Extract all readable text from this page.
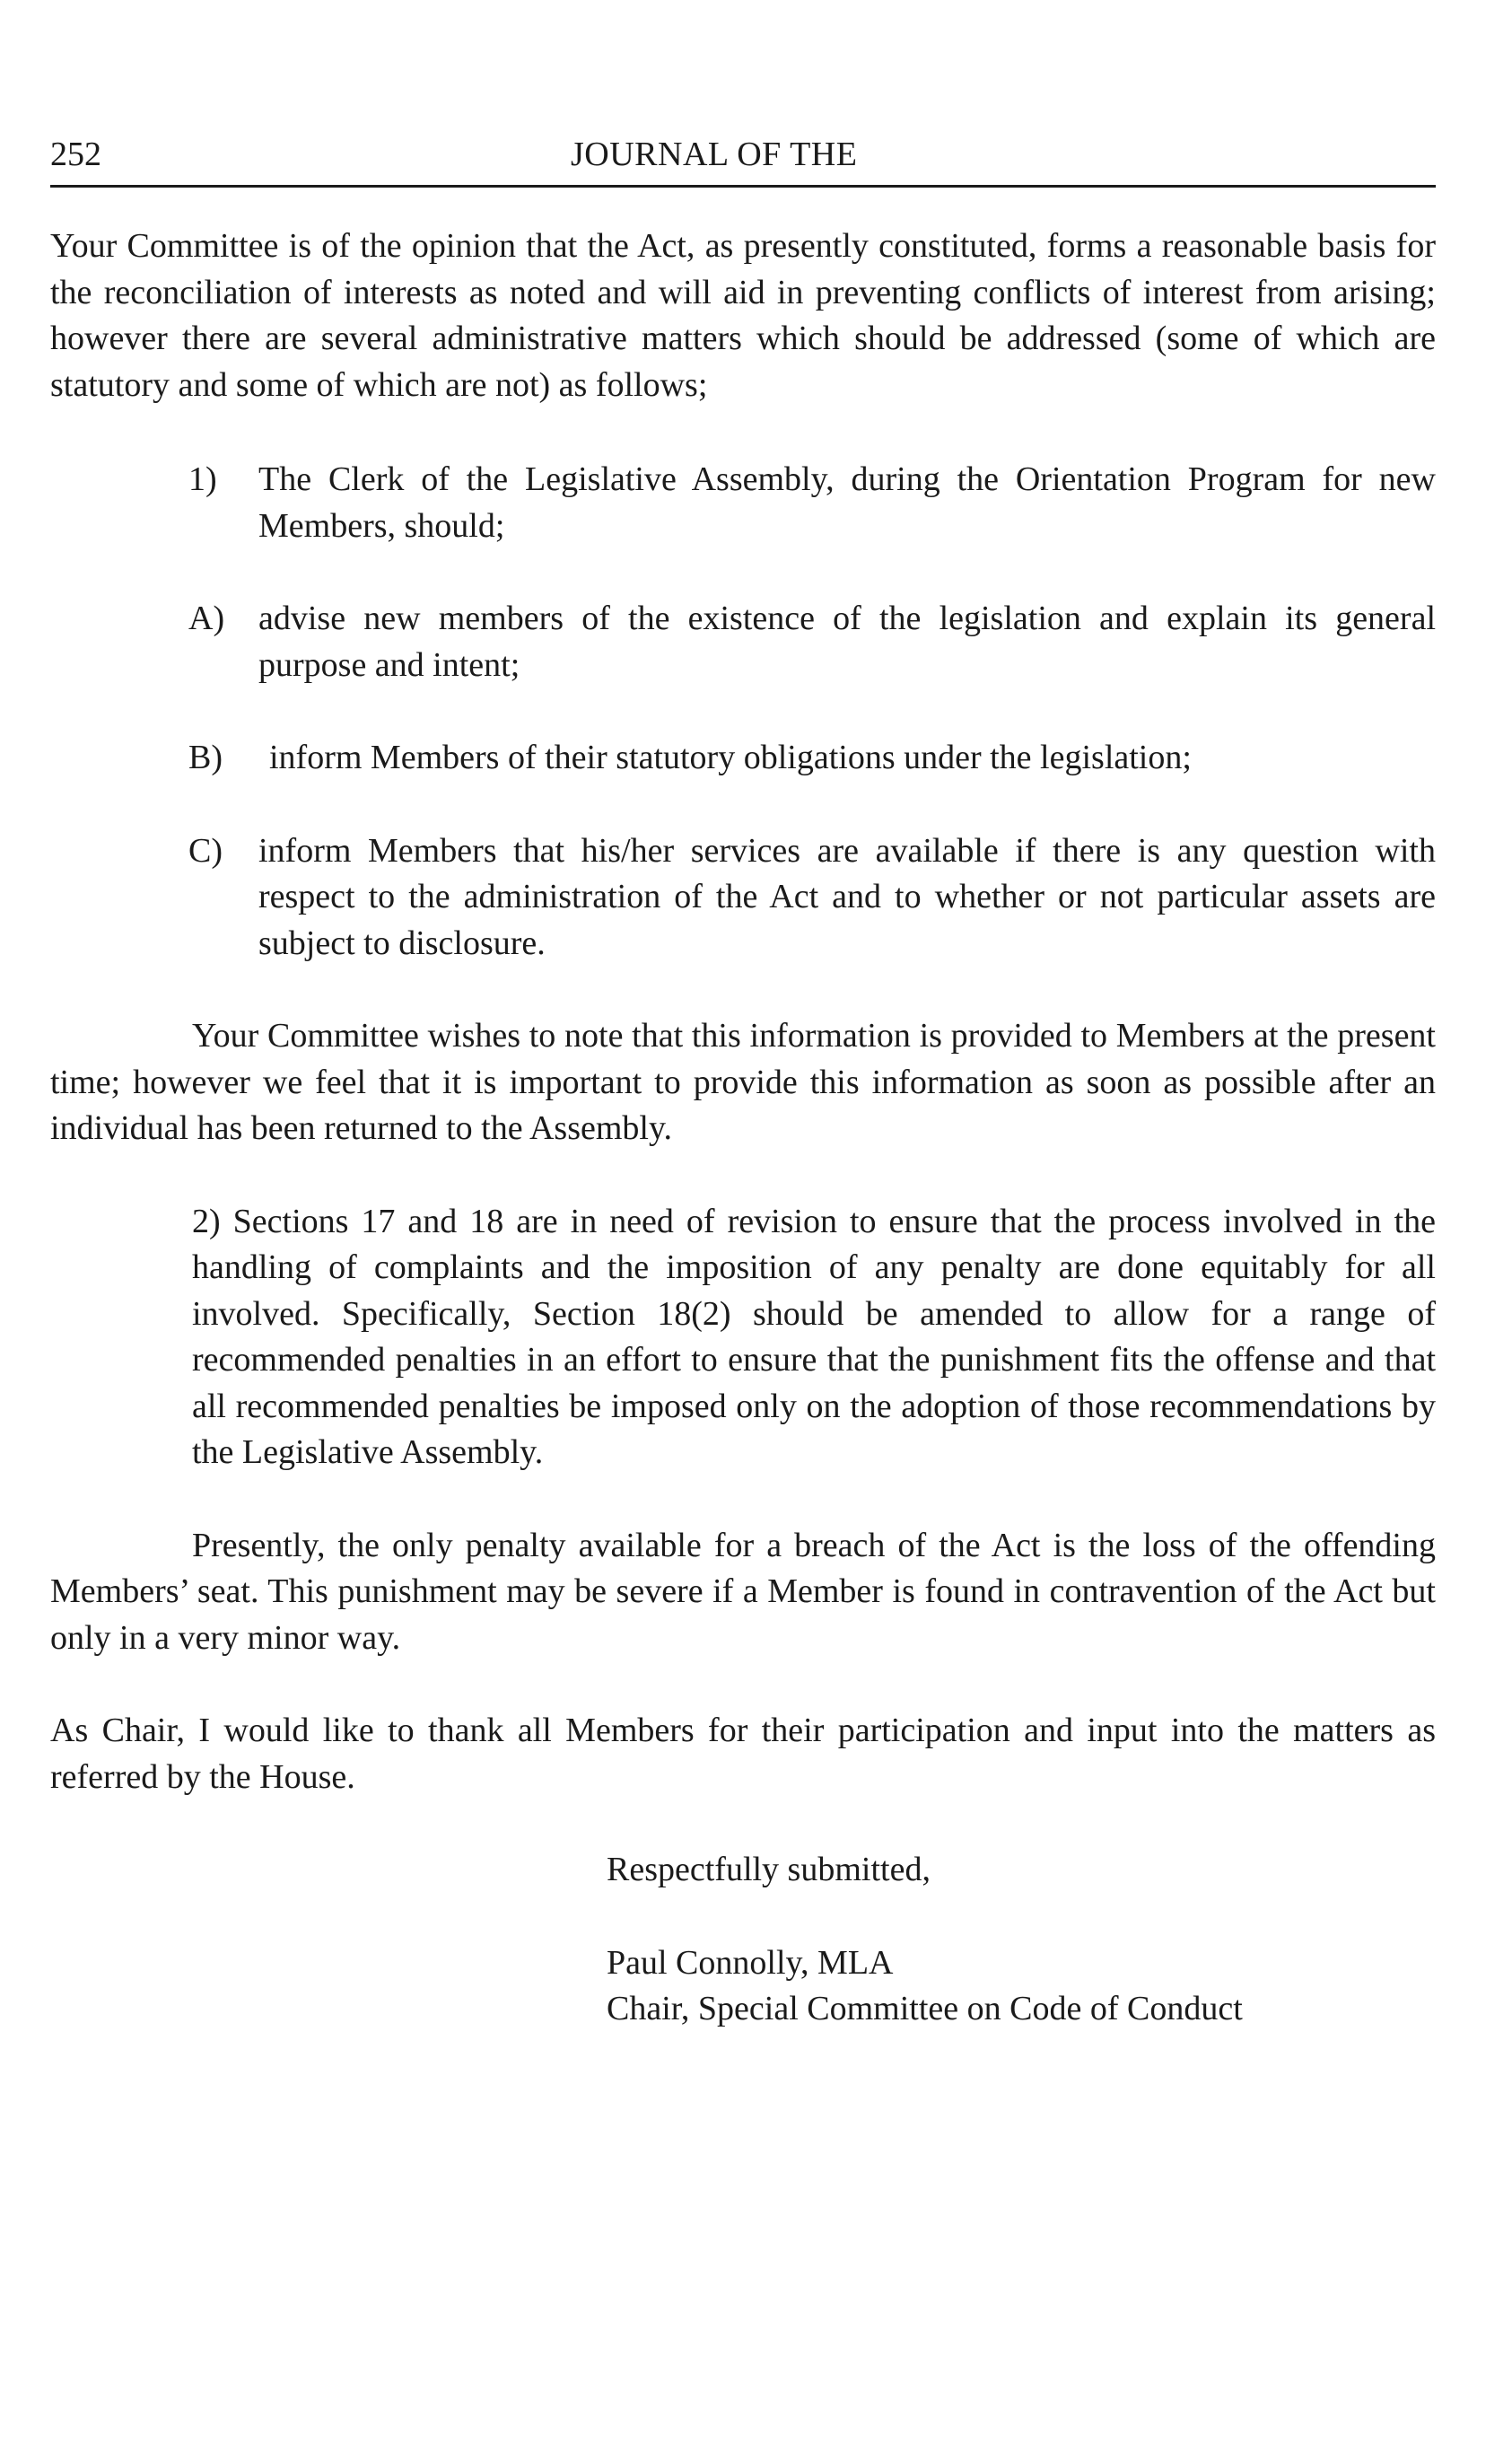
252	JOURNAL OF THE

Your Committee is of the opinion that the Act, as presently constituted, forms a reasonable basis for the reconciliation of interests as noted and will aid in preventing conflicts of interest from arising; however there are several administrative matters which should be addressed (some of which are statutory and some of which are not) as follows;

1) The Clerk of the Legislative Assembly, during the Orientation Program for new Members, should;
A) advise new members of the existence of the legislation and explain its general purpose and intent;
B) inform Members of their statutory obligations under the legislation;
C) inform Members that his/her services are available if there is any question with respect to the administration of the Act and to whether or not particular assets are subject to disclosure.

Your Committee wishes to note that this information is provided to Members at the present time; however we feel that it is important to provide this information as soon as possible after an individual has been returned to the Assembly.

2) Sections 17 and 18 are in need of revision to ensure that the process involved in the handling of complaints and the imposition of any penalty are done equitably for all involved. Specifically, Section 18(2) should be amended to allow for a range of recommended penalties in an effort to ensure that the punishment fits the offense and that all recommended penalties be imposed only on the adoption of those recommendations by the Legislative Assembly.

Presently, the only penalty available for a breach of the Act is the loss of the offending Members’ seat. This punishment may be severe if a Member is found in contravention of the Act but only in a very minor way.

As Chair, I would like to thank all Members for their participation and input into the matters as referred by the House.

Respectfully submitted,
Paul Connolly, MLA
Chair, Special Committee on Code of Conduct
